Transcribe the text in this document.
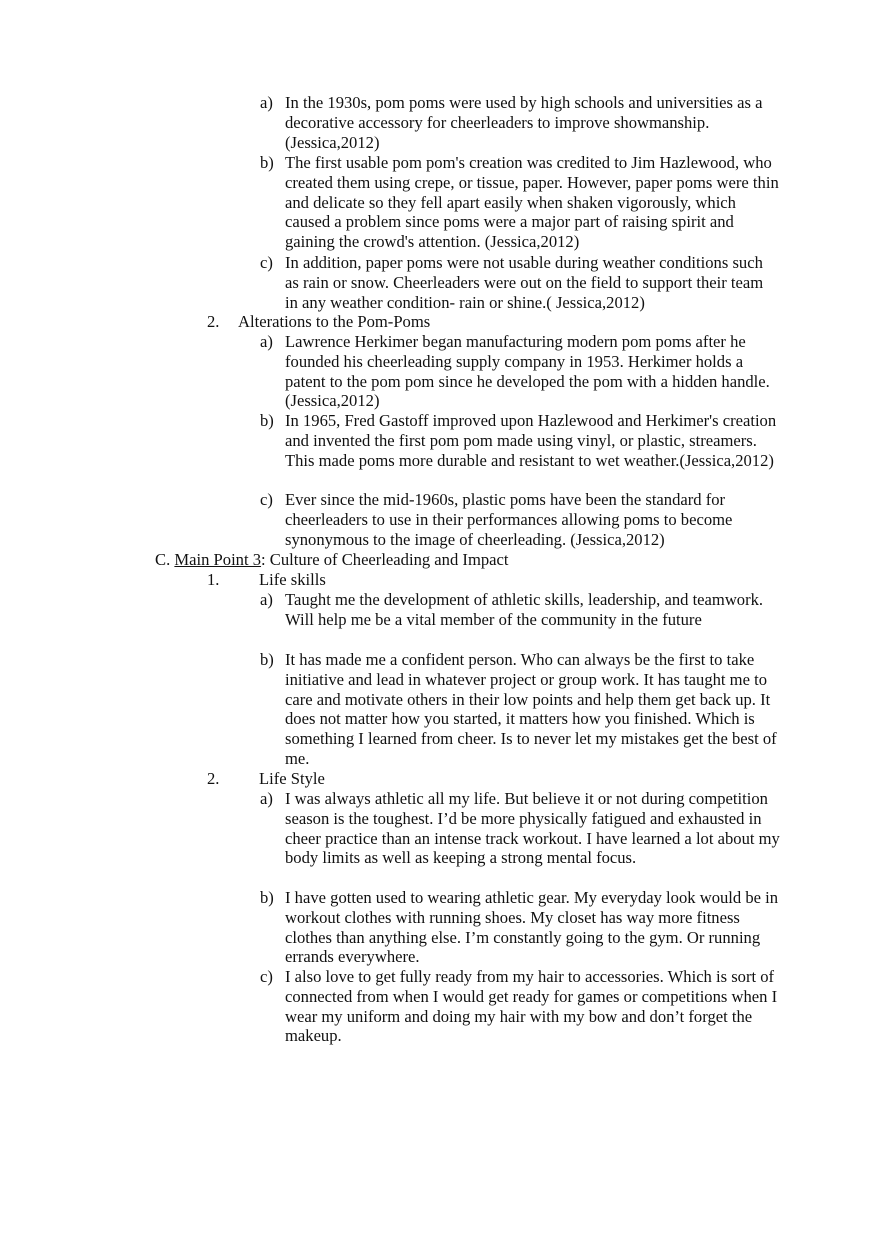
a) In the 1930s, pom poms were used by high schools and universities as a decorative accessory for cheerleaders to improve showmanship. (Jessica,2012)
b) The first usable pom pom's creation was credited to Jim Hazlewood, who created them using crepe, or tissue, paper. However, paper poms were thin and delicate so they fell apart easily when shaken vigorously, which caused a problem since poms were a major part of raising spirit and gaining the crowd's attention. (Jessica,2012)
c) In addition, paper poms were not usable during weather conditions such as rain or snow. Cheerleaders were out on the field to support their team in any weather condition- rain or shine.( Jessica,2012)
2. Alterations to the Pom-Poms
a) Lawrence Herkimer began manufacturing modern pom poms after he founded his cheerleading supply company in 1953. Herkimer holds a patent to the pom pom since he developed the pom with a hidden handle.(Jessica,2012)
b) In 1965, Fred Gastoff improved upon Hazlewood and Herkimer's creation and invented the first pom pom made using vinyl, or plastic, streamers. This made poms more durable and resistant to wet weather.(Jessica,2012)
c) Ever since the mid-1960s, plastic poms have been the standard for cheerleaders to use in their performances allowing poms to become synonymous to the image of cheerleading. (Jessica,2012)
C. Main Point 3: Culture of Cheerleading and Impact
1. Life skills
a) Taught me the development of athletic skills, leadership, and teamwork. Will help me be a vital member of the community in the future
b) It has made me a confident person. Who can always be the first to take initiative and lead in whatever project or group work. It has taught me to care and motivate others in their low points and help them get back up. It does not matter how you started, it matters how you finished. Which is something I learned from cheer. Is to never let my mistakes get the best of me.
2. Life Style
a) I was always athletic all my life. But believe it or not during competition season is the toughest. I’d be more physically fatigued and exhausted in cheer practice than an intense track workout. I have learned a lot about my body limits as well as keeping a strong mental focus.
b) I have gotten used to wearing athletic gear. My everyday look would be in workout clothes with running shoes. My closet has way more fitness clothes than anything else. I’m constantly going to the gym. Or running errands everywhere.
c) I also love to get fully ready from my hair to accessories. Which is sort of connected from when I would get ready for games or competitions when I wear my uniform and doing my hair with my bow and don’t forget the makeup.
